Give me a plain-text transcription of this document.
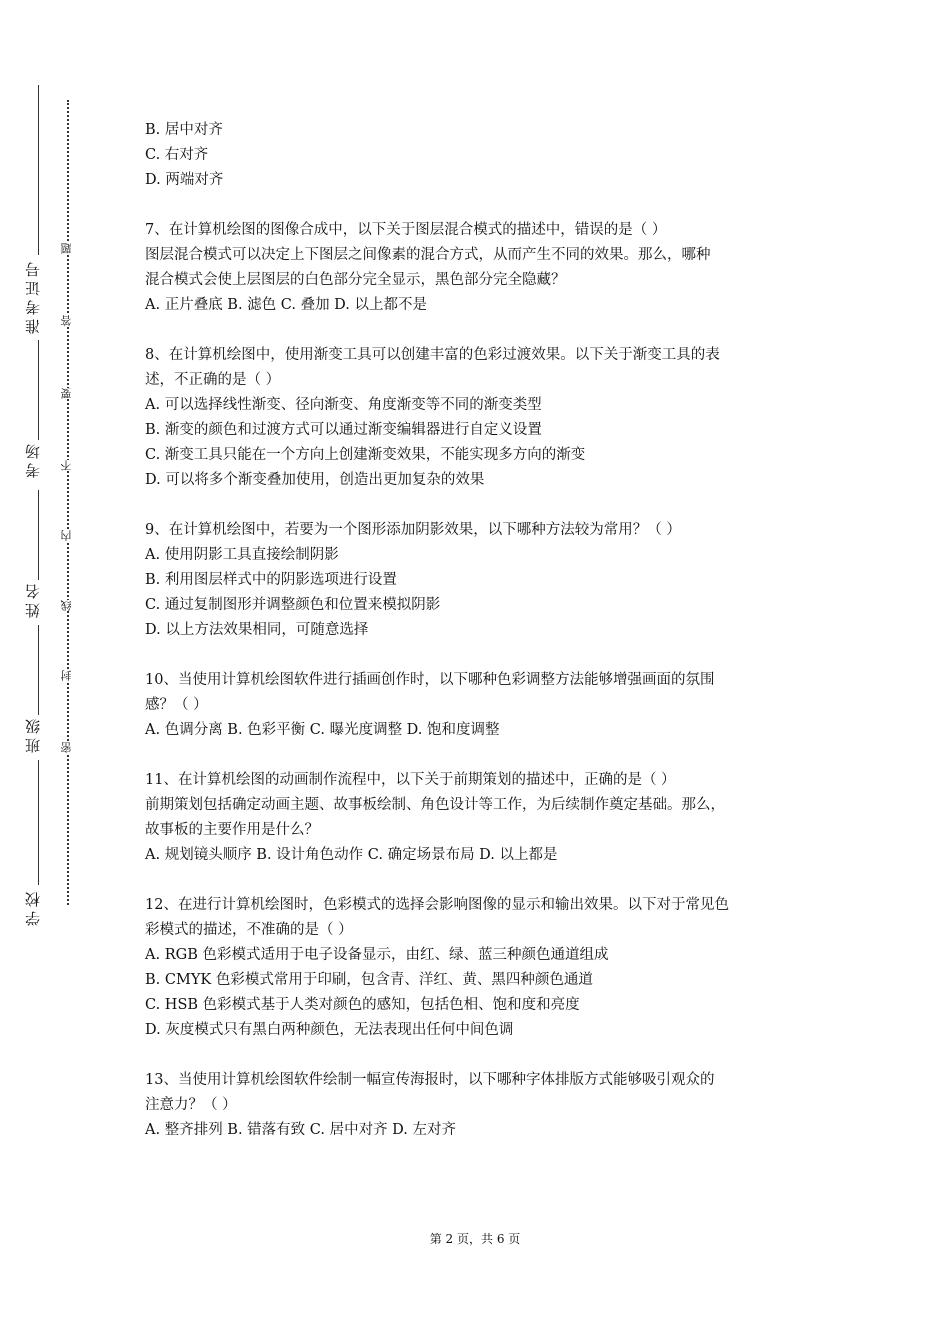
准考证号
考场
姓名
班级
学校
题
答
要
不
内
线
封
密
B. 居中对齐
C. 右对齐
D. 两端对齐
7、在计算机绘图的图像合成中，以下关于图层混合模式的描述中，错误的是（ ）
图层混合模式可以决定上下图层之间像素的混合方式，从而产生不同的效果。那么，哪种
混合模式会使上层图层的白色部分完全显示，黑色部分完全隐藏？
A. 正片叠底 B. 滤色 C. 叠加 D. 以上都不是
8、在计算机绘图中，使用渐变工具可以创建丰富的色彩过渡效果。以下关于渐变工具的表
述，不正确的是（ ）
A. 可以选择线性渐变、径向渐变、角度渐变等不同的渐变类型
B. 渐变的颜色和过渡方式可以通过渐变编辑器进行自定义设置
C. 渐变工具只能在一个方向上创建渐变效果，不能实现多方向的渐变
D. 可以将多个渐变叠加使用，创造出更加复杂的效果
9、在计算机绘图中，若要为一个图形添加阴影效果，以下哪种方法较为常用？（ ）
A. 使用阴影工具直接绘制阴影
B. 利用图层样式中的阴影选项进行设置
C. 通过复制图形并调整颜色和位置来模拟阴影
D. 以上方法效果相同，可随意选择
10、当使用计算机绘图软件进行插画创作时，以下哪种色彩调整方法能够增强画面的氛围
感？（ ）
A. 色调分离 B. 色彩平衡 C. 曝光度调整 D. 饱和度调整
11、在计算机绘图的动画制作流程中，以下关于前期策划的描述中，正确的是（ ）
前期策划包括确定动画主题、故事板绘制、角色设计等工作，为后续制作奠定基础。那么，
故事板的主要作用是什么？
A. 规划镜头顺序 B. 设计角色动作 C. 确定场景布局 D. 以上都是
12、在进行计算机绘图时，色彩模式的选择会影响图像的显示和输出效果。以下对于常见色
彩模式的描述，不准确的是（ ）
A. RGB 色彩模式适用于电子设备显示，由红、绿、蓝三种颜色通道组成
B. CMYK 色彩模式常用于印刷，包含青、洋红、黄、黑四种颜色通道
C. HSB 色彩模式基于人类对颜色的感知，包括色相、饱和度和亮度
D. 灰度模式只有黑白两种颜色，无法表现出任何中间色调
13、当使用计算机绘图软件绘制一幅宣传海报时，以下哪种字体排版方式能够吸引观众的
注意力？（ ）
A. 整齐排列 B. 错落有致 C. 居中对齐 D. 左对齐
第 2 页，共 6 页
